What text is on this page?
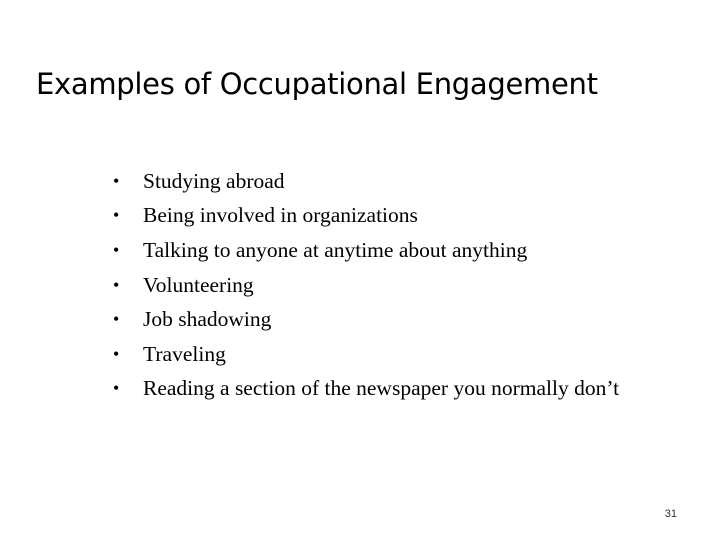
Examples of Occupational Engagement
•	Studying abroad
•	Being involved in organizations
•	Talking to anyone at anytime about anything
•	Volunteering
•	Job shadowing
•	Traveling
•	Reading a section of the newspaper you normally don’t
31
